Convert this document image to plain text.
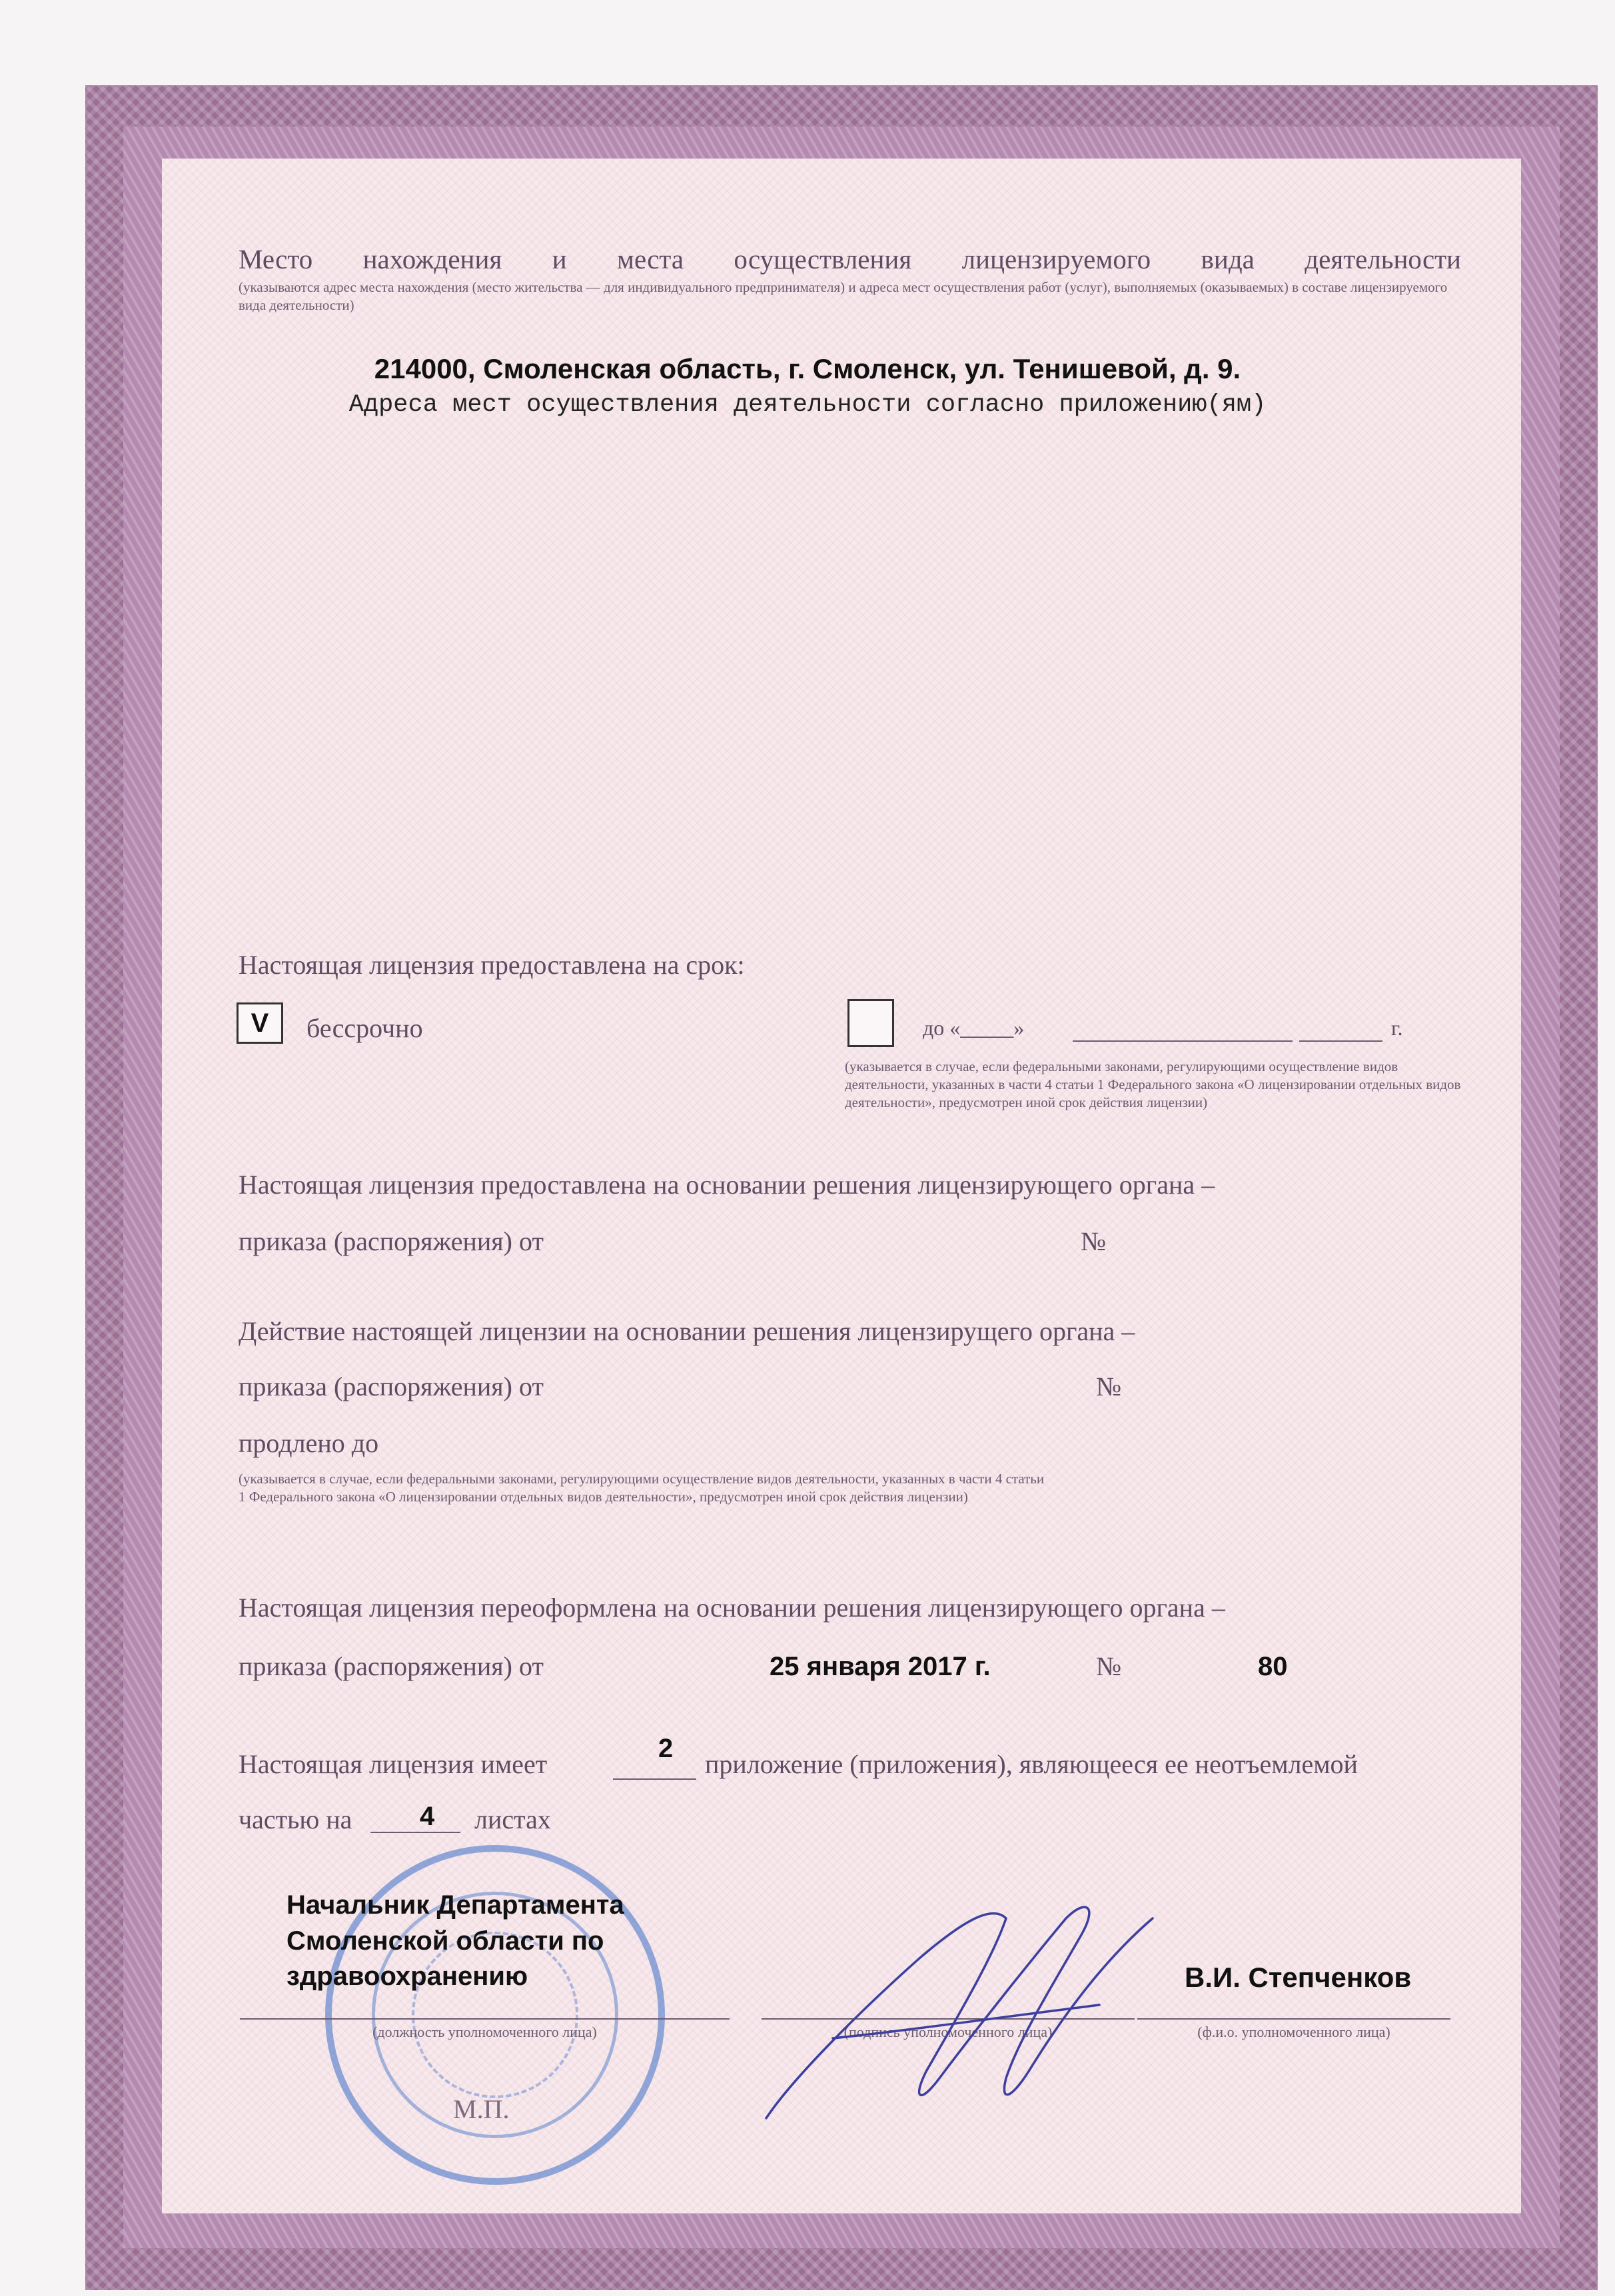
Место нахождения и места осуществления лицензируемого вида деятельности
(указываются адрес места нахождения (место жительства — для индивидуального предпринимателя) и адреса мест осуществления работ (услуг), выполняемых (оказываемых) в составе лицензируемого вида деятельности)
214000, Смоленская область, г. Смоленск, ул. Тенишевой, д. 9.
Адреса мест осуществления деятельности согласно приложению(ям)
Настоящая лицензия предоставлена на срок:
V	бессрочно	до «_____»	г.
(указывается в случае, если федеральными законами, регулирующими осуществление видов деятельности, указанных в части 4 статьи 1 Федерального закона «О лицензировании отдельных видов деятельности», предусмотрен иной срок действия лицензии)
Настоящая лицензия предоставлена на основании решения лицензирующего органа –
приказа (распоряжения) от	№
Действие настоящей лицензии на основании решения лицензирущего органа –
приказа (распоряжения) от	№
продлено до
(указывается в случае, если федеральными законами, регулирующими осуществление видов деятельности, указанных в части 4 статьи 1 Федерального закона «О лицензировании отдельных видов деятельности», предусмотрен иной срок действия лицензии)
Настоящая лицензия переоформлена на основании решения лицензирующего органа –
приказа (распоряжения) от	25 января 2017 г.	№	80
Настоящая лицензия имеет
2
приложение (приложения), являющееся ее неотъемлемой
частью на	4 листах
Начальник Департамента
Смоленской области по
здравоохранению	В.И. Степченков
(должность уполномоченного лица)	(подпись уполномоченного лица)	(ф.и.о. уполномоченного лица)
М.П.
